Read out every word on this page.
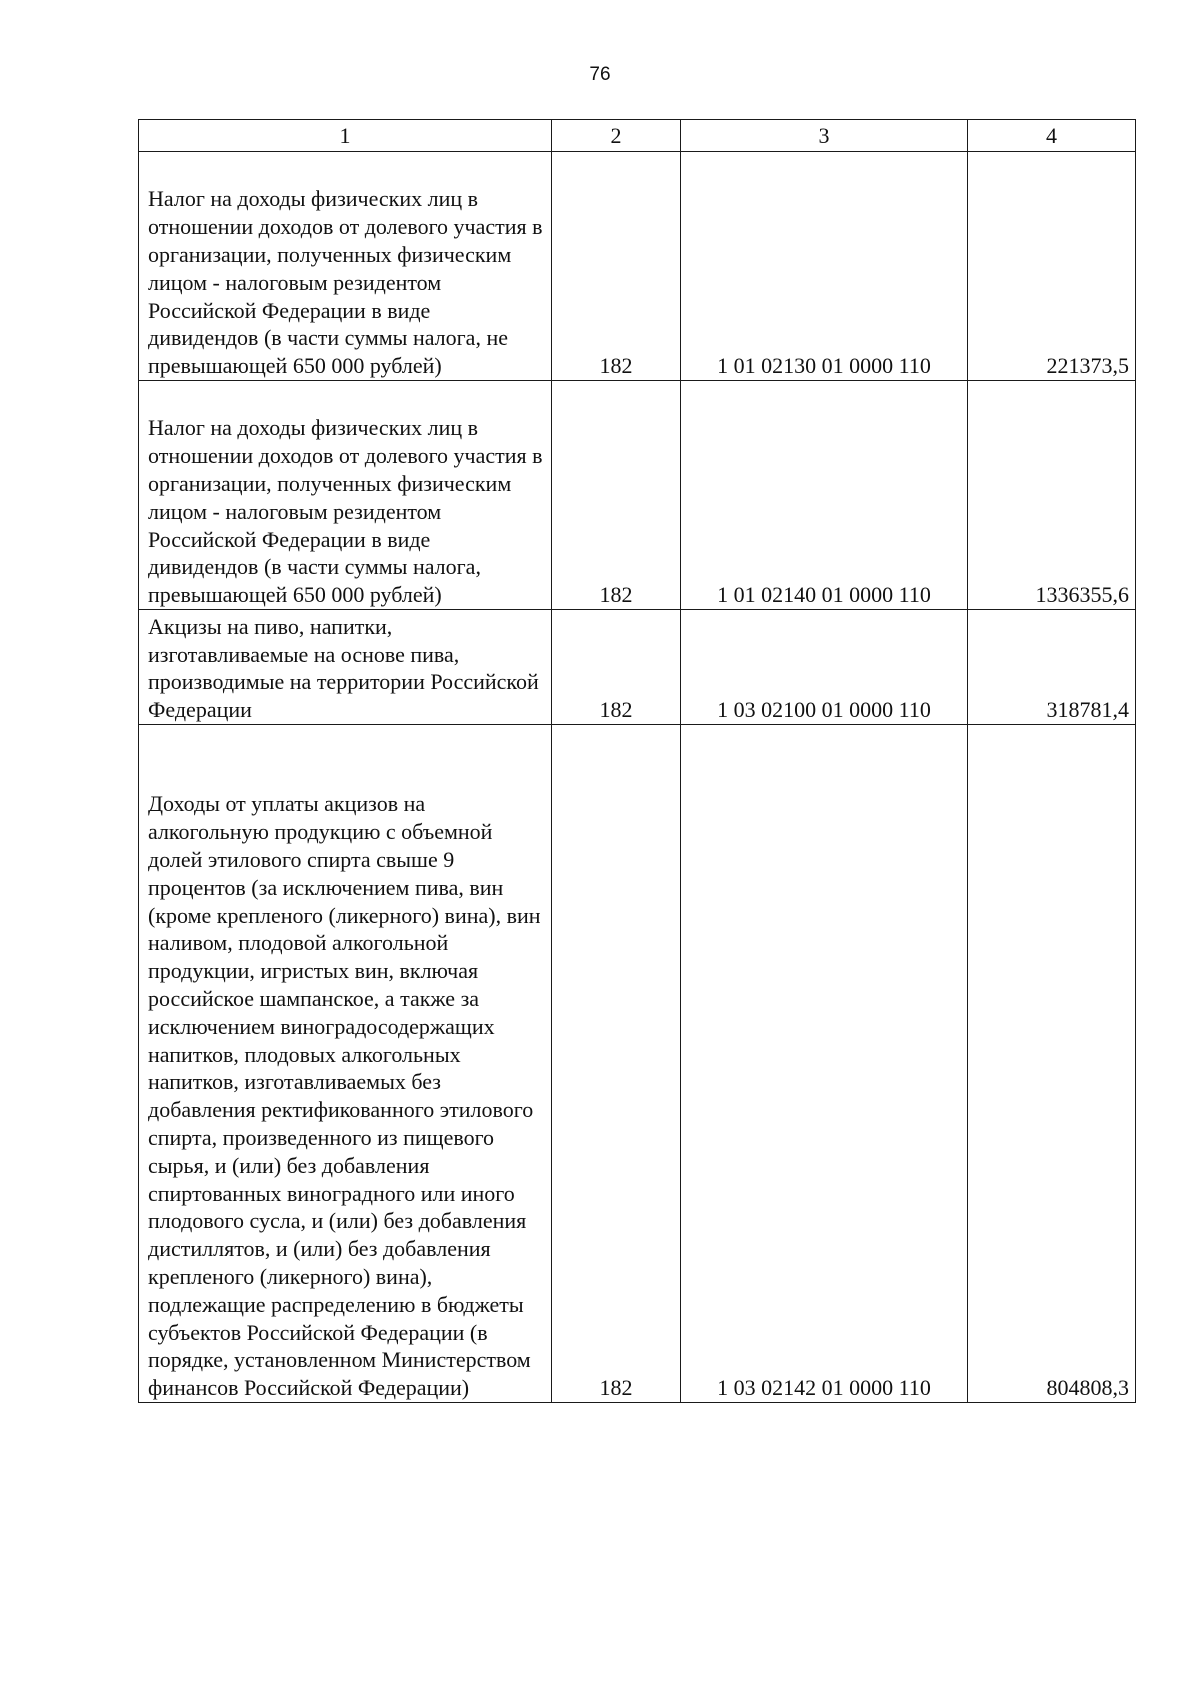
76
1	2	3	4
Налог на доходы физических лиц в отношении доходов от долевого участия в организации, полученных физическим лицом - налоговым резидентом Российской Федерации в виде дивидендов (в части суммы налога, не превышающей 650 000 рублей)	182	1 01 02130 01 0000 110	221373,5
Налог на доходы физических лиц в отношении доходов от долевого участия в организации, полученных физическим лицом - налоговым резидентом Российской Федерации в виде дивидендов (в части суммы налога, превышающей 650 000 рублей)	182	1 01 02140 01 0000 110	1336355,6
Акцизы на пиво, напитки, изготавливаемые на основе пива, производимые на территории Российской Федерации	182	1 03 02100 01 0000 110	318781,4
Доходы от уплаты акцизов на алкогольную продукцию с объемной долей этилового спирта свыше 9 процентов (за исключением пива, вин (кроме крепленого (ликерного) вина), вин наливом, плодовой алкогольной продукции, игристых вин, включая российское шампанское, а также за исключением виноградосодержащих напитков, плодовых алкогольных напитков, изготавливаемых без добавления ректификованного этилового спирта, произведенного из пищевого сырья, и (или) без добавления спиртованных виноградного или иного плодового сусла, и (или) без добавления дистиллятов, и (или) без добавления крепленого (ликерного) вина), подлежащие распределению в бюджеты субъектов Российской Федерации (в порядке, установленном Министерством финансов Российской Федерации)	182	1 03 02142 01 0000 110	804808,3
